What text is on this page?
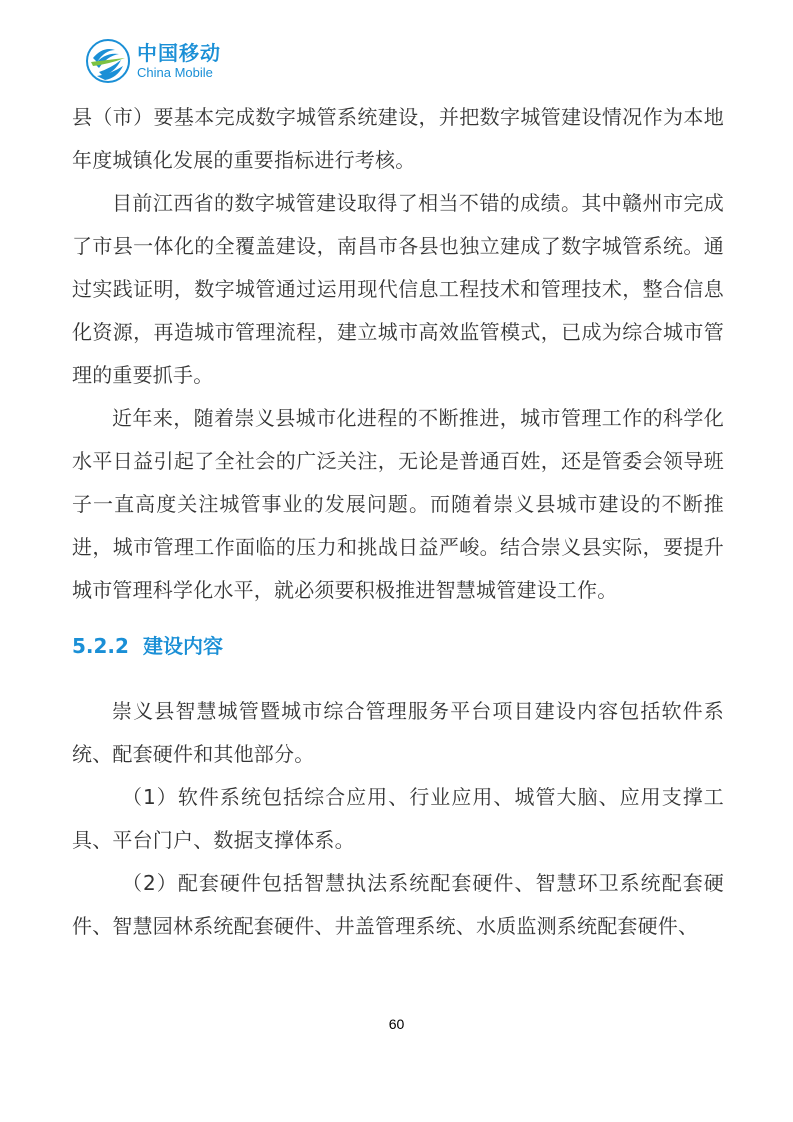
中国移动
China Mobile

县（市）要基本完成数字城管系统建设，并把数字城管建设情况作为本地年度城镇化发展的重要指标进行考核。

目前江西省的数字城管建设取得了相当不错的成绩。其中赣州市完成了市县一体化的全覆盖建设，南昌市各县也独立建成了数字城管系统。通过实践证明，数字城管通过运用现代信息工程技术和管理技术，整合信息化资源，再造城市管理流程，建立城市高效监管模式，已成为综合城市管理的重要抓手。

近年来，随着崇义县城市化进程的不断推进，城市管理工作的科学化水平日益引起了全社会的广泛关注，无论是普通百姓，还是管委会领导班子一直高度关注城管事业的发展问题。而随着崇义县城市建设的不断推进，城市管理工作面临的压力和挑战日益严峻。结合崇义县实际，要提升城市管理科学化水平，就必须要积极推进智慧城管建设工作。

5.2.2 建设内容

崇义县智慧城管暨城市综合管理服务平台项目建设内容包括软件系统、配套硬件和其他部分。

（1）软件系统包括综合应用、行业应用、城管大脑、应用支撑工具、平台门户、数据支撑体系。

（2）配套硬件包括智慧执法系统配套硬件、智慧环卫系统配套硬件、智慧园林系统配套硬件、井盖管理系统、水质监测系统配套硬件、

60
